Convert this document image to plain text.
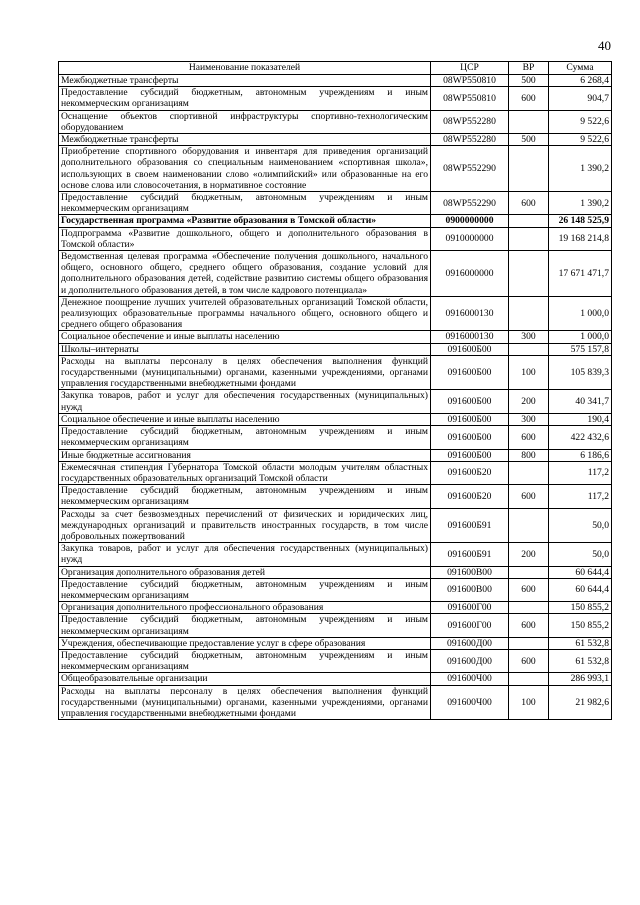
40
Наименование показателей	ЦСР	ВР	Сумма
Межбюджетные трансферты	08WP550810	500	6 268,4
Предоставление субсидий бюджетным, автономным учреждениям и иным некоммерческим организациям	08WP550810	600	904,7
Оснащение объектов спортивной инфраструктуры спортивно-технологическим оборудованием	08WP552280		9 522,6
Межбюджетные трансферты	08WP552280	500	9 522,6
Приобретение спортивного оборудования и инвентаря для приведения организаций дополнительного образования со специальным наименованием «спортивная школа», использующих в своем наименовании слово «олимпийский» или образованные на его основе слова или словосочетания, в нормативное состояние	08WP552290		1 390,2
Предоставление субсидий бюджетным, автономным учреждениям и иным некоммерческим организациям	08WP552290	600	1 390,2
Государственная программа «Развитие образования в Томской области»	0900000000		26 148 525,9
Подпрограмма «Развитие дошкольного, общего и дополнительного образования в Томской области»	0910000000		19 168 214,8
Ведомственная целевая программа «Обеспечение получения дошкольного, начального общего, основного общего, среднего общего образования, создание условий для дополнительного образования детей, содействие развитию системы общего образования и дополнительного образования детей, в том числе кадрового потенциала»	0916000000		17 671 471,7
Денежное поощрение лучших учителей образовательных организаций Томской области, реализующих образовательные программы начального общего, основного общего и среднего общего образования	0916000130		1 000,0
Социальное обеспечение и иные выплаты населению	0916000130	300	1 000,0
Школы–интернаты	091600Б00		575 157,8
Расходы на выплаты персоналу в целях обеспечения выполнения функций государственными (муниципальными) органами, казенными учреждениями, органами управления государственными внебюджетными фондами	091600Б00	100	105 839,3
Закупка товаров, работ и услуг для обеспечения государственных (муниципальных) нужд	091600Б00	200	40 341,7
Социальное обеспечение и иные выплаты населению	091600Б00	300	190,4
Предоставление субсидий бюджетным, автономным учреждениям и иным некоммерческим организациям	091600Б00	600	422 432,6
Иные бюджетные ассигнования	091600Б00	800	6 186,6
Ежемесячная стипендия Губернатора Томской области молодым учителям областных государственных образовательных организаций Томской области	091600Б20		117,2
Предоставление субсидий бюджетным, автономным учреждениям и иным некоммерческим организациям	091600Б20	600	117,2
Расходы за счет безвозмездных перечислений от физических и юридических лиц, международных организаций и правительств иностранных государств, в том числе добровольных пожертвований	091600Б91		50,0
Закупка товаров, работ и услуг для обеспечения государственных (муниципальных) нужд	091600Б91	200	50,0
Организация дополнительного образования детей	091600В00		60 644,4
Предоставление субсидий бюджетным, автономным учреждениям и иным некоммерческим организациям	091600В00	600	60 644,4
Организация дополнительного профессионального образования	091600Г00		150 855,2
Предоставление субсидий бюджетным, автономным учреждениям и иным некоммерческим организациям	091600Г00	600	150 855,2
Учреждения, обеспечивающие предоставление услуг в сфере образования	091600Д00		61 532,8
Предоставление субсидий бюджетным, автономным учреждениям и иным некоммерческим организациям	091600Д00	600	61 532,8
Общеобразовательные организации	091600Ч00		286 993,1
Расходы на выплаты персоналу в целях обеспечения выполнения функций государственными (муниципальными) органами, казенными учреждениями, органами управления государственными внебюджетными фондами	091600Ч00	100	21 982,6
